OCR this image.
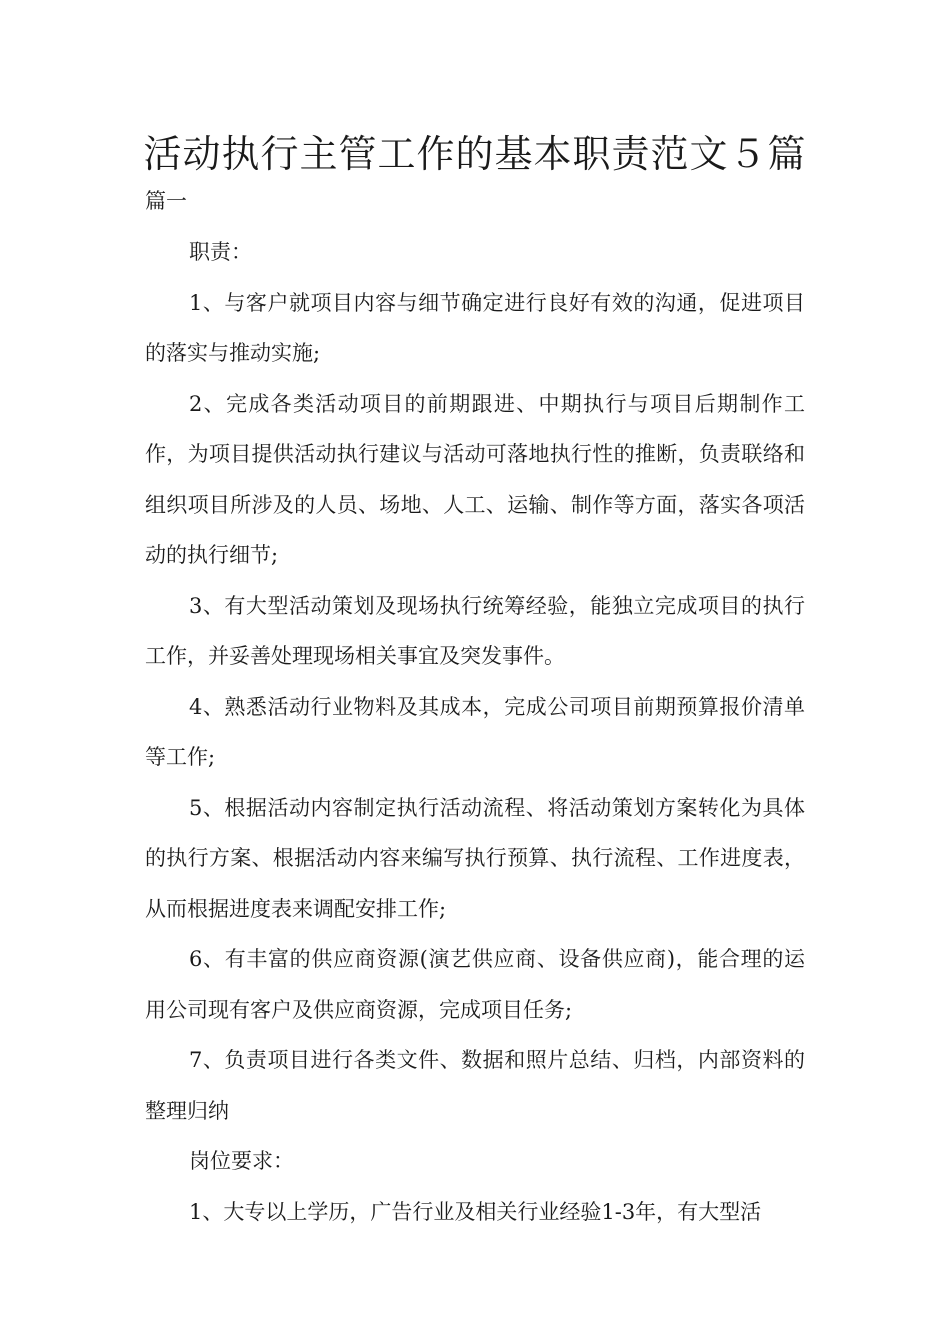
活动执行主管工作的基本职责范文５篇

篇一

职责：

1、与客户就项目内容与细节确定进行良好有效的沟通，促进项目的落实与推动实施;

2、完成各类活动项目的前期跟进、中期执行与项目后期制作工作，为项目提供活动执行建议与活动可落地执行性的推断，负责联络和组织项目所涉及的人员、场地、人工、运输、制作等方面，落实各项活动的执行细节;

3、有大型活动策划及现场执行统筹经验，能独立完成项目的执行工作，并妥善处理现场相关事宜及突发事件。

4、熟悉活动行业物料及其成本，完成公司项目前期预算报价清单等工作;

5、根据活动内容制定执行活动流程、将活动策划方案转化为具体的执行方案、根据活动内容来编写执行预算、执行流程、工作进度表，从而根据进度表来调配安排工作;

6、有丰富的供应商资源(演艺供应商、设备供应商)，能合理的运用公司现有客户及供应商资源，完成项目任务;

7、负责项目进行各类文件、数据和照片总结、归档，内部资料的整理归纳

岗位要求：

1、大专以上学历，广告行业及相关行业经验1-3年，有大型活
